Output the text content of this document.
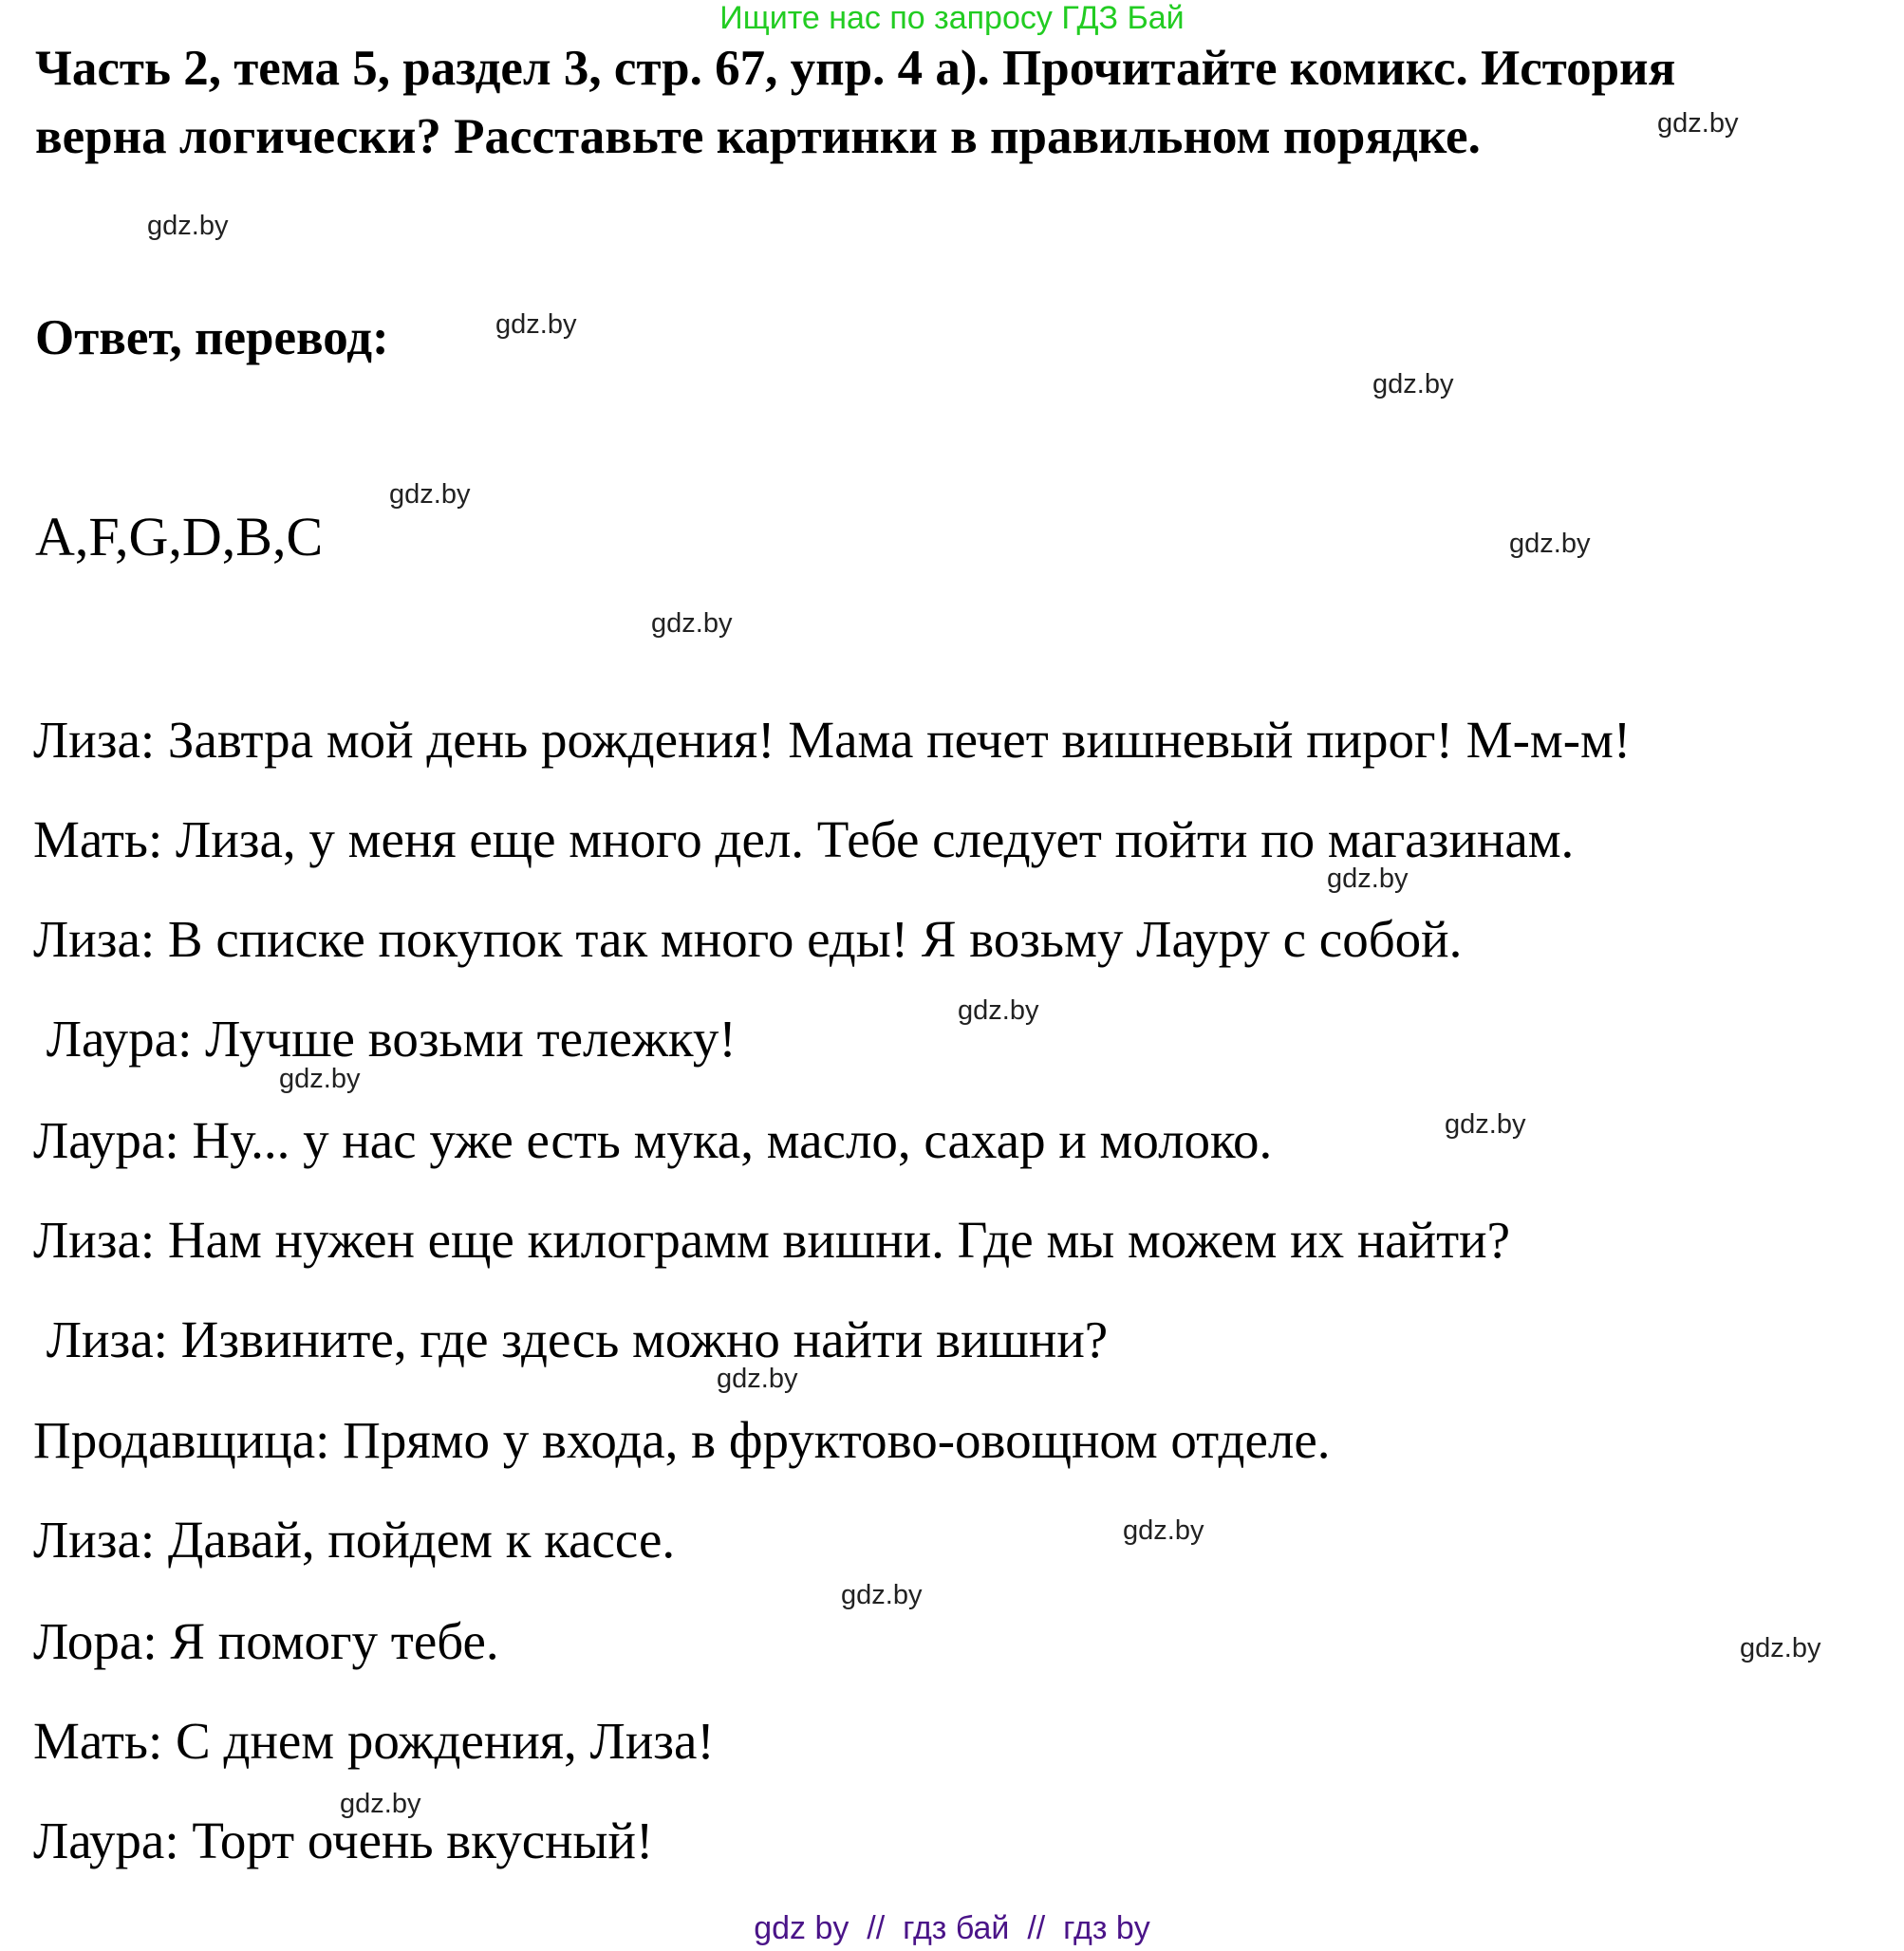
Ищите нас по запросу ГДЗ Бай
Часть 2, тема 5, раздел 3, стр. 67, упр. 4 а). Прочитайте комикс. История
верна логически? Расставьте картинки в правильном порядке.
Ответ, перевод:
A,F,G,D,B,C
Лиза: Завтра мой день рождения! Мама печет вишневый пирог! М-м-м!
Мать: Лиза, у меня еще много дел. Тебе следует пойти по магазинам.
Лиза: В списке покупок так много еды! Я возьму Лауру с собой.
Лаура: Лучше возьми тележку!
Лаура: Ну... у нас уже есть мука, масло, сахар и молоко.
Лиза: Нам нужен еще килограмм вишни. Где мы можем их найти?
Лиза: Извините, где здесь можно найти вишни?
Продавщица: Прямо у входа, в фруктово-овощном отделе.
Лиза: Давай, пойдем к кассе.
Лора: Я помогу тебе.
Мать: С днем рождения, Лиза!
Лаура: Торт очень вкусный!
gdz.by
gdz.by
gdz.by
gdz.by
gdz.by
gdz.by
gdz.by
gdz.by
gdz.by
gdz.by
gdz.by
gdz.by
gdz.by
gdz.by
gdz.by
gdz.by
gdz by  //  гдз бай  //  гдз by
